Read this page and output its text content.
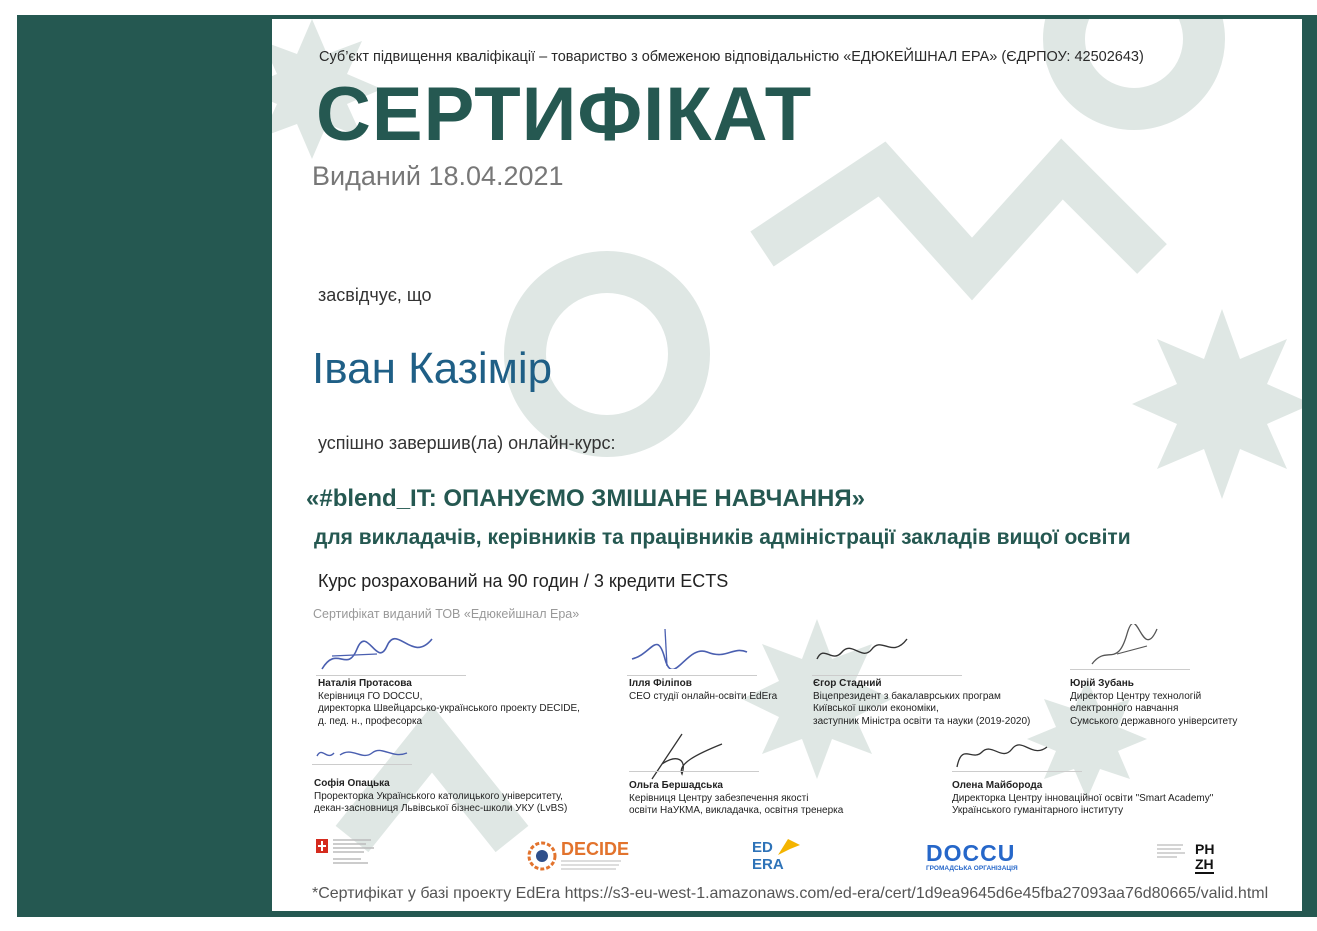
Суб’єкт підвищення кваліфікації – товариство з обмеженою відповідальністю «ЕДЮКЕЙШНАЛ ЕРА» (ЄДРПОУ: 42502643)
СЕРТИФІКАТ
Виданий 18.04.2021
засвідчує, що
Іван Казімір
успішно завершив(ла) онлайн-курс:
«#blend_IT: ОПАНУЄМО ЗМІШАНЕ НАВЧАННЯ»
для викладачів, керівників та працівників адміністрації закладів вищої освіти
Курс розрахований на 90 годин / 3 кредити ECTS
Сертифікат виданий ТОВ «Едюкейшнал Ера»
Наталія Протасова
Керівниця ГО DOCCU,
директорка Швейцарсько-українського проекту DECIDE,
д. пед. н., професорка
Ілля Філіпов
CEO студії онлайн-освіти EdEra
Єгор Стадний
Віцепрезидент з бакалаврських програм
Київської школи економіки,
заступник Міністра освіти та науки (2019-2020)
Юрій Зубань
Директор Центру технологій
електронного навчання
Сумського державного університету
Софія Опацька
Проректорка Українського католицького університету,
декан-засновниця Львівської бізнес-школи УКУ (LvBS)
Ольга Бершадська
Керівниця Центру забезпечення якості
освіти НаУКМА, викладачка, освітня тренерка
Олена Майборода
Директорка Центру інноваційної освіти "Smart Academy"
Українського гуманітарного інституту
DECIDE	ED
ERA	DOCCU
ГРОМАДСЬКА ОРГАНІЗАЦІЯ
PH
ZH
*Сертифікат у базі проекту EdEra https://s3-eu-west-1.amazonaws.com/ed-era/cert/1d9ea9645d6e45fba27093aa76d80665/valid.html
